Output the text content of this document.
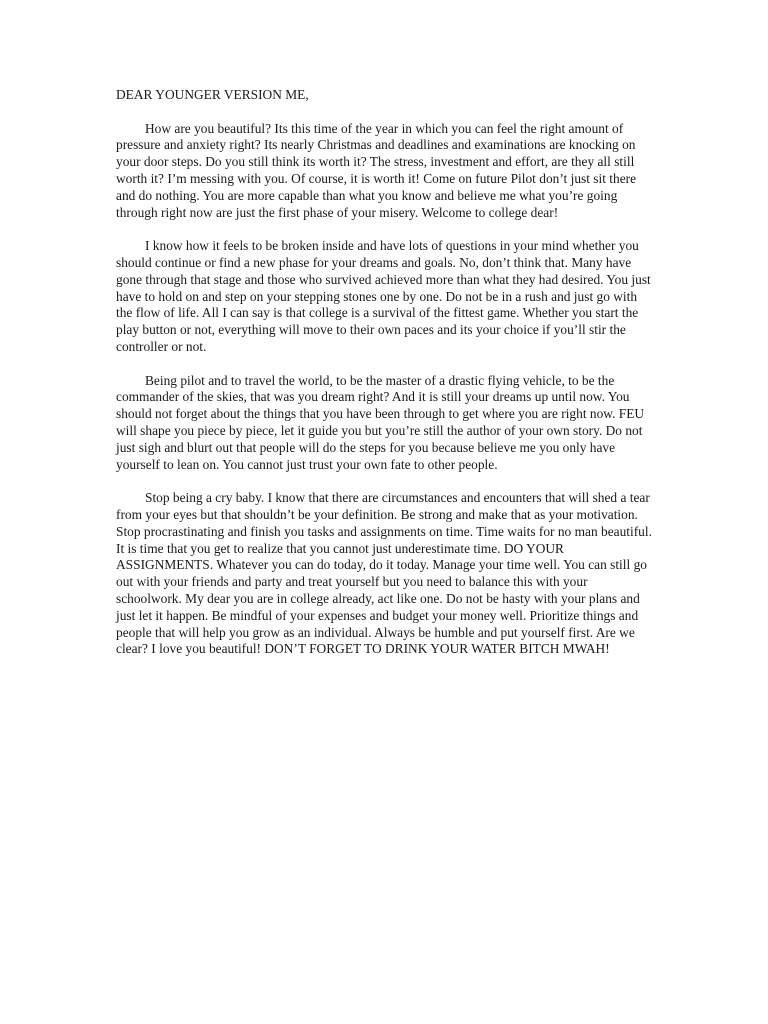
DEAR YOUNGER VERSION ME,

How are you beautiful? Its this time of the year in which you can feel the right amount of pressure and anxiety right? Its nearly Christmas and deadlines and examinations are knocking on your door steps. Do you still think its worth it? The stress, investment and effort, are they all still worth it? I’m messing with you. Of course, it is worth it! Come on future Pilot don’t just sit there and do nothing. You are more capable than what you know and believe me what you’re going through right now are just the first phase of your misery. Welcome to college dear!

I know how it feels to be broken inside and have lots of questions in your mind whether you should continue or find a new phase for your dreams and goals. No, don’t think that. Many have gone through that stage and those who survived achieved more than what they had desired. You just have to hold on and step on your stepping stones one by one. Do not be in a rush and just go with the flow of life. All I can say is that college is a survival of the fittest game. Whether you start the play button or not, everything will move to their own paces and its your choice if you’ll stir the controller or not.

Being pilot and to travel the world, to be the master of a drastic flying vehicle, to be the commander of the skies, that was you dream right? And it is still your dreams up until now. You should not forget about the things that you have been through to get where you are right now. FEU will shape you piece by piece, let it guide you but you’re still the author of your own story. Do not just sigh and blurt out that people will do the steps for you because believe me you only have yourself to lean on. You cannot just trust your own fate to other people.

Stop being a cry baby. I know that there are circumstances and encounters that will shed a tear from your eyes but that shouldn’t be your definition. Be strong and make that as your motivation. Stop procrastinating and finish you tasks and assignments on time. Time waits for no man beautiful. It is time that you get to realize that you cannot just underestimate time. DO YOUR ASSIGNMENTS. Whatever you can do today, do it today. Manage your time well. You can still go out with your friends and party and treat yourself but you need to balance this with your schoolwork. My dear you are in college already, act like one. Do not be hasty with your plans and just let it happen. Be mindful of your expenses and budget your money well. Prioritize things and people that will help you grow as an individual. Always be humble and put yourself first. Are we clear? I love you beautiful! DON’T FORGET TO DRINK YOUR WATER BITCH MWAH!
